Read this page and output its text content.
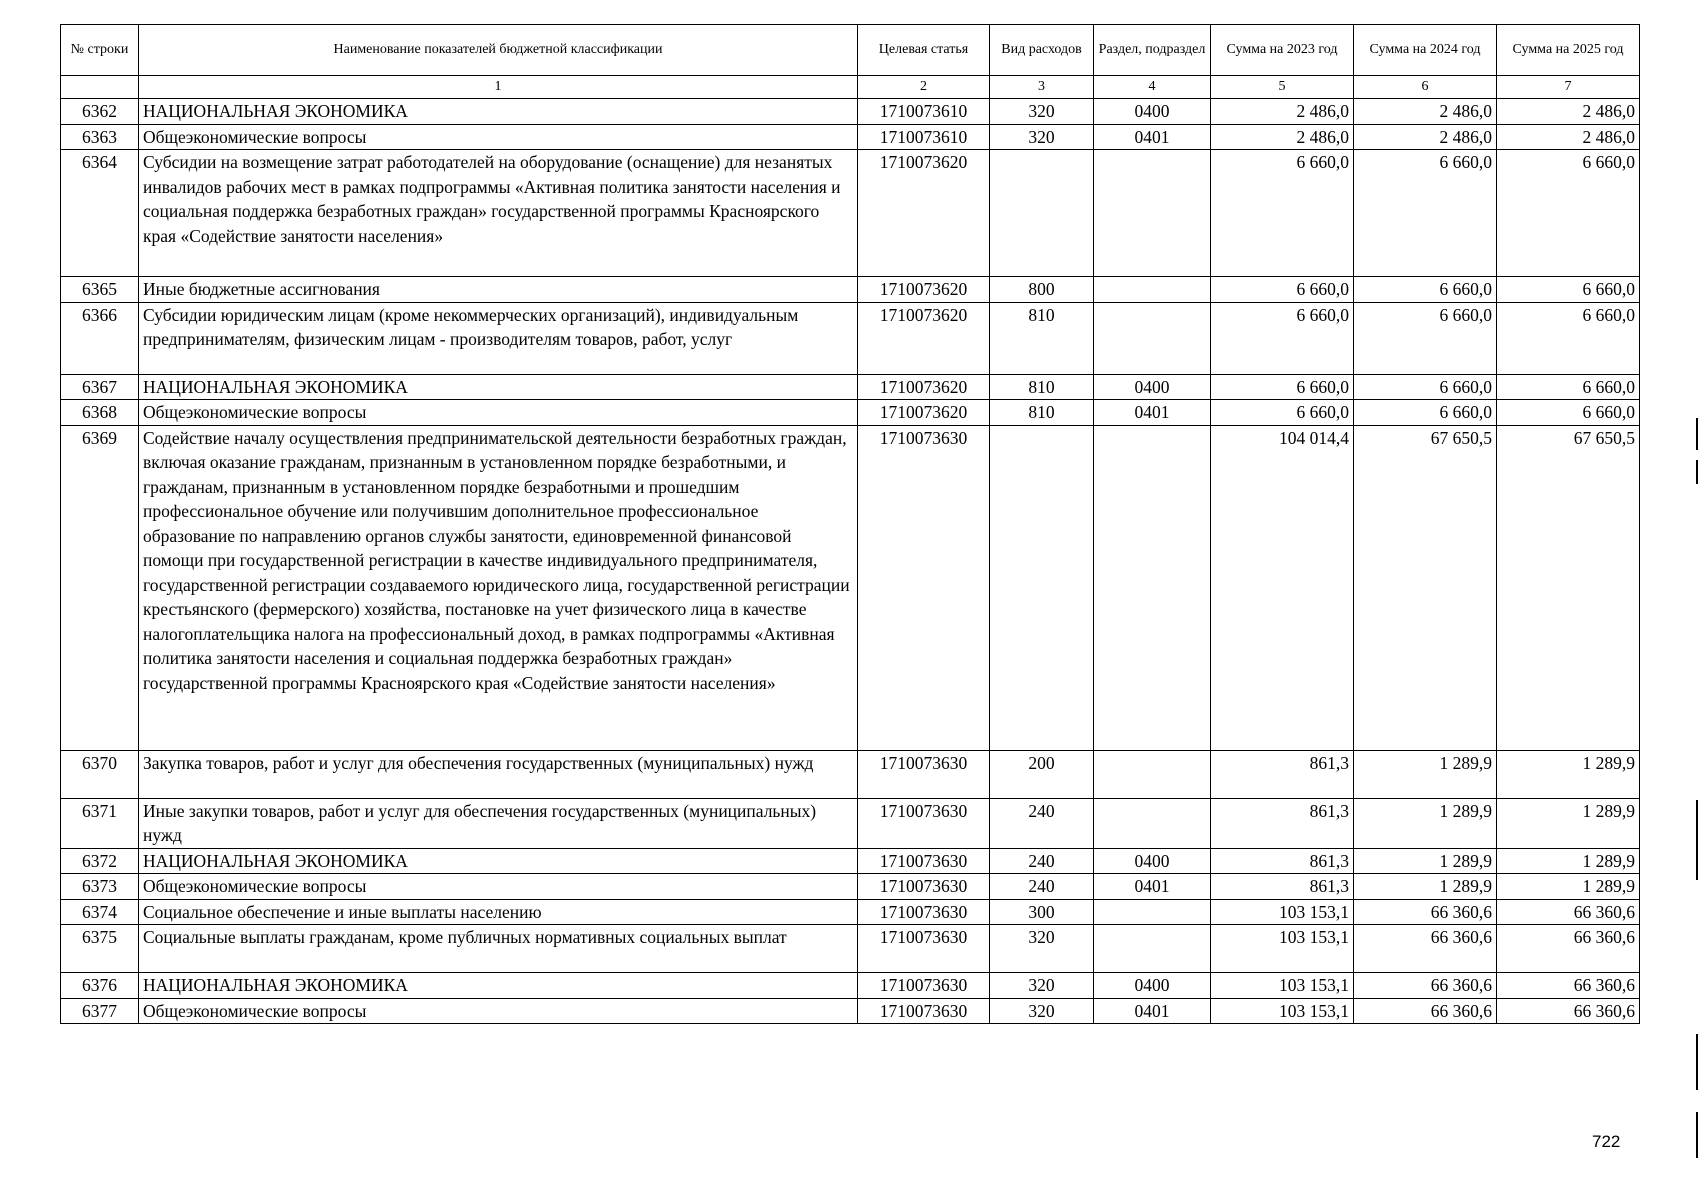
№ строки	Наименование показателей бюджетной классификации	Целевая статья	Вид расходов	Раздел, подраздел	Сумма на 2023 год	Сумма на 2024 год	Сумма на 2025 год
	1	2	3	4	5	6	7
6362	НАЦИОНАЛЬНАЯ ЭКОНОМИКА	1710073610	320	0400	2 486,0	2 486,0	2 486,0
6363	Общеэкономические вопросы	1710073610	320	0401	2 486,0	2 486,0	2 486,0
6364	Субсидии на возмещение затрат работодателей на оборудование (оснащение) для незанятых инвалидов рабочих мест в рамках подпрограммы «Активная политика занятости населения и социальная поддержка безработных граждан» государственной программы Красноярского края «Содействие занятости населения»	1710073620			6 660,0	6 660,0	6 660,0
6365	Иные бюджетные ассигнования	1710073620	800		6 660,0	6 660,0	6 660,0
6366	Субсидии юридическим лицам (кроме некоммерческих организаций), индивидуальным предпринимателям, физическим лицам - производителям товаров, работ, услуг	1710073620	810		6 660,0	6 660,0	6 660,0
6367	НАЦИОНАЛЬНАЯ ЭКОНОМИКА	1710073620	810	0400	6 660,0	6 660,0	6 660,0
6368	Общеэкономические вопросы	1710073620	810	0401	6 660,0	6 660,0	6 660,0
6369	Содействие началу осуществления предпринимательской деятельности безработных граждан, включая оказание гражданам, признанным в установленном порядке безработными, и гражданам, признанным в установленном порядке безработными и прошедшим профессиональное обучение или получившим дополнительное профессиональное образование по направлению органов службы занятости, единовременной финансовой помощи при государственной регистрации в качестве индивидуального предпринимателя, государственной регистрации создаваемого юридического лица, государственной регистрации крестьянского (фермерского) хозяйства, постановке на учет физического лица в качестве налогоплательщика налога на профессиональный доход, в рамках подпрограммы «Активная политика занятости населения и социальная поддержка безработных граждан» государственной программы Красноярского края «Содействие занятости населения»	1710073630			104 014,4	67 650,5	67 650,5
6370	Закупка товаров, работ и услуг для обеспечения государственных (муниципальных) нужд	1710073630	200		861,3	1 289,9	1 289,9
6371	Иные закупки товаров, работ и услуг для обеспечения государственных (муниципальных) нужд	1710073630	240		861,3	1 289,9	1 289,9
6372	НАЦИОНАЛЬНАЯ ЭКОНОМИКА	1710073630	240	0400	861,3	1 289,9	1 289,9
6373	Общеэкономические вопросы	1710073630	240	0401	861,3	1 289,9	1 289,9
6374	Социальное обеспечение и иные выплаты населению	1710073630	300		103 153,1	66 360,6	66 360,6
6375	Социальные выплаты гражданам, кроме публичных нормативных социальных выплат	1710073630	320		103 153,1	66 360,6	66 360,6
6376	НАЦИОНАЛЬНАЯ ЭКОНОМИКА	1710073630	320	0400	103 153,1	66 360,6	66 360,6
6377	Общеэкономические вопросы	1710073630	320	0401	103 153,1	66 360,6	66 360,6
722
